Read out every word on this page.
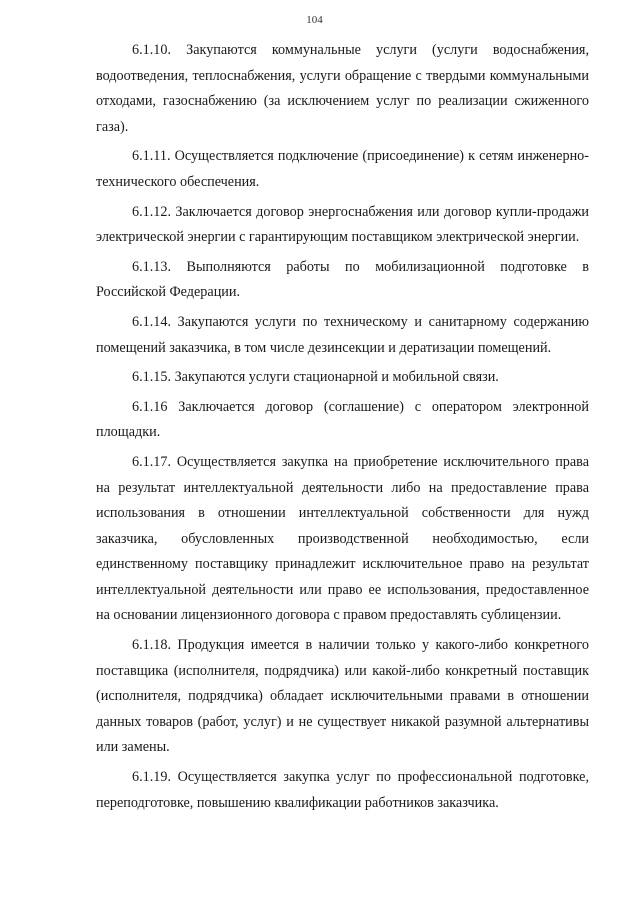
104

6.1.10. Закупаются коммунальные услуги (услуги водоснабжения, водоотведения, теплоснабжения, услуги обращение с твердыми коммунальными отходами, газоснабжению (за исключением услуг по реализации сжиженного газа).

6.1.11. Осуществляется подключение (присоединение) к сетям инженерно-технического обеспечения.

6.1.12. Заключается договор энергоснабжения или договор купли-продажи электрической энергии с гарантирующим поставщиком электрической энергии.

6.1.13. Выполняются работы по мобилизационной подготовке в Российской Федерации.

6.1.14. Закупаются услуги по техническому и санитарному содержанию помещений заказчика, в том числе дезинсекции и дератизации помещений.

6.1.15. Закупаются услуги стационарной и мобильной связи.

6.1.16 Заключается договор (соглашение) с оператором электронной площадки.

6.1.17. Осуществляется закупка на приобретение исключительного права на результат интеллектуальной деятельности либо на предоставление права использования в отношении интеллектуальной собственности для нужд заказчика, обусловленных производственной необходимостью, если единственному поставщику принадлежит исключительное право на результат интеллектуальной деятельности или право ее использования, предоставленное на основании лицензионного договора с правом предоставлять сублицензии.

6.1.18. Продукция имеется в наличии только у какого-либо конкретного поставщика (исполнителя, подрядчика) или какой-либо конкретный поставщик (исполнителя, подрядчика) обладает исключительными правами в отношении данных товаров (работ, услуг) и не существует никакой разумной альтернативы или замены.

6.1.19. Осуществляется закупка услуг по профессиональной подготовке, переподготовке, повышению квалификации работников заказчика.
